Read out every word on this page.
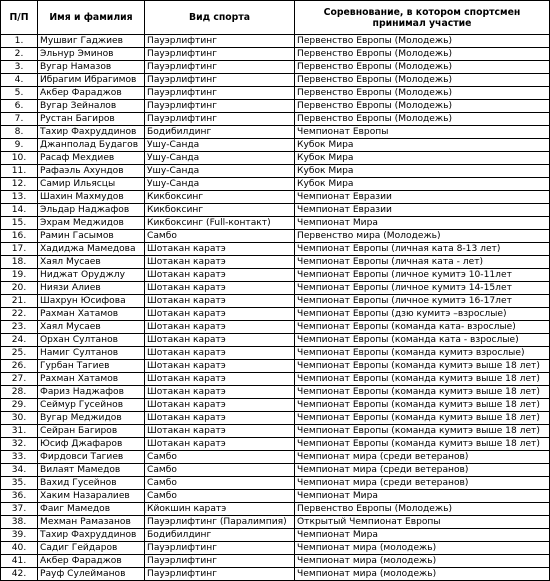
П/П	Имя и фамилия	Вид спорта	Соревнование, в котором спортсмен принимал участие
1.	Мушвиг Гаджиев	Пауэрлифтинг	Первенство Европы (Молодежь)
2.	Эльнур Эминов	Пауэрлифтинг	Первенство Европы (Молодежь)
3.	Вугар Намазов	Пауэрлифтинг	Первенство Европы (Молодежь)
4.	Ибрагим Ибрагимов	Пауэрлифтинг	Первенство Европы (Молодежь)
5.	Акбер Фараджов	Пауэрлифтинг	Первенство Европы (Молодежь)
6.	Вугар Зейналов	Пауэрлифтинг	Первенство Европы (Молодежь)
7.	Рустан Багиров	Пауэрлифтинг	Первенство Европы (Молодежь)
8.	Тахир Фахруддинов	Бодибилдинг	Чемпионат Европы
9.	Джанполад Будагов	Ушу-Санда	Кубок Мира
10.	Расаф Мехдиев	Ушу-Санда	Кубок Мира
11.	Рафаэль Ахундов	Ушу-Санда	Кубок Мира
12.	Самир Ильясцы	Ушу-Санда	Кубок Мира
13.	Шахин Махмудов	Кикбоксинг	Чемпионат Евразии
14.	Эльдар Наджафов	Кикбоксинг	Чемпионат Евразии
15.	Эхрам Меджидов	Кикбоксинг (Full-контакт)	Чемпионат Мира
16.	Рамин Гасымов	Самбо	Первенство мира (Молодежь)
17.	Хадиджа Мамедова	Шотакан каратэ	Чемпионат Европы (личная ката 8-13 лет)
18.	Хаял Мусаев	Шотакан каратэ	Чемпионат Европы (личная ката - лет)
19.	Ниджат Оруджлу	Шотакан каратэ	Чемпионат Европы (личное кумитэ 10-11лет
20.	Ниязи Алиев	Шотакан каратэ	Чемпионат Европы (личное кумитэ 14-15лет
21.	Шахрун Юсифова	Шотакан каратэ	Чемпионат Европы (личное кумитэ 16-17лет
22.	Рахман Хатамов	Шотакан каратэ	Чемпионат Европы (дзю кумитэ –взрослые)
23.	Хаял Мусаев	Шотакан каратэ	Чемпионат Европы (команда ката- взрослые)
24.	Орхан Султанов	Шотакан каратэ	Чемпионат Европы (команда ката - взрослые)
25.	Намиг Султанов	Шотакан каратэ	Чемпионат Европы (команда кумитэ взрослые)
26.	Гурбан Тагиев	Шотакан каратэ	Чемпионат Европы (команда кумитэ выше 18 лет)
27.	Рахман Хатамов	Шотакан каратэ	Чемпионат Европы (команда кумитэ выше 18 лет)
28.	Фариз Наджафов	Шотакан каратэ	Чемпионат Европы (команда кумитэ выше 18 лет)
29.	Сеймур Гусейнов	Шотакан каратэ	Чемпионат Европы (команда кумитэ выше 18 лет)
30.	Вугар Меджидов	Шотакан каратэ	Чемпионат Европы (команда кумитэ выше 18 лет)
31.	Сейран Багиров	Шотакан каратэ	Чемпионат Европы (команда кумитэ выше 18 лет)
32.	Юсиф Джафаров	Шотакан каратэ	Чемпионат Европы (команда кумитэ выше 18 лет)
33.	Фирдовси Тагиев	Самбо	Чемпионат мира (среди ветеранов)
34.	Вилаят Мамедов	Самбо	Чемпионат мира (среди ветеранов)
35.	Вахид Гусейнов	Самбо	Чемпионат мира (среди ветеранов)
36.	Хаким Назаралиев	Самбо	Чемпионат Мира
37.	Фаиг Мамедов	Кйокшин каратэ	Первенство Европы (Молодежь)
38.	Мехман Рамазанов	Пауэрлифтинг (Паралимпия)	Открытый Чемпионат Европы
39.	Тахир Фахруддинов	Бодибилдинг	Чемпионат Мира
40.	Садиг Гейдаров	Пауэрлифтинг	Чемпионат мира (молодежь)
41.	Акбер Фараджов	Пауэрлифтинг	Чемпионат мира (молодежь)
42.	Рауф Сулейманов	Пауэрлифтинг	Чемпионат мира (молодежь)
